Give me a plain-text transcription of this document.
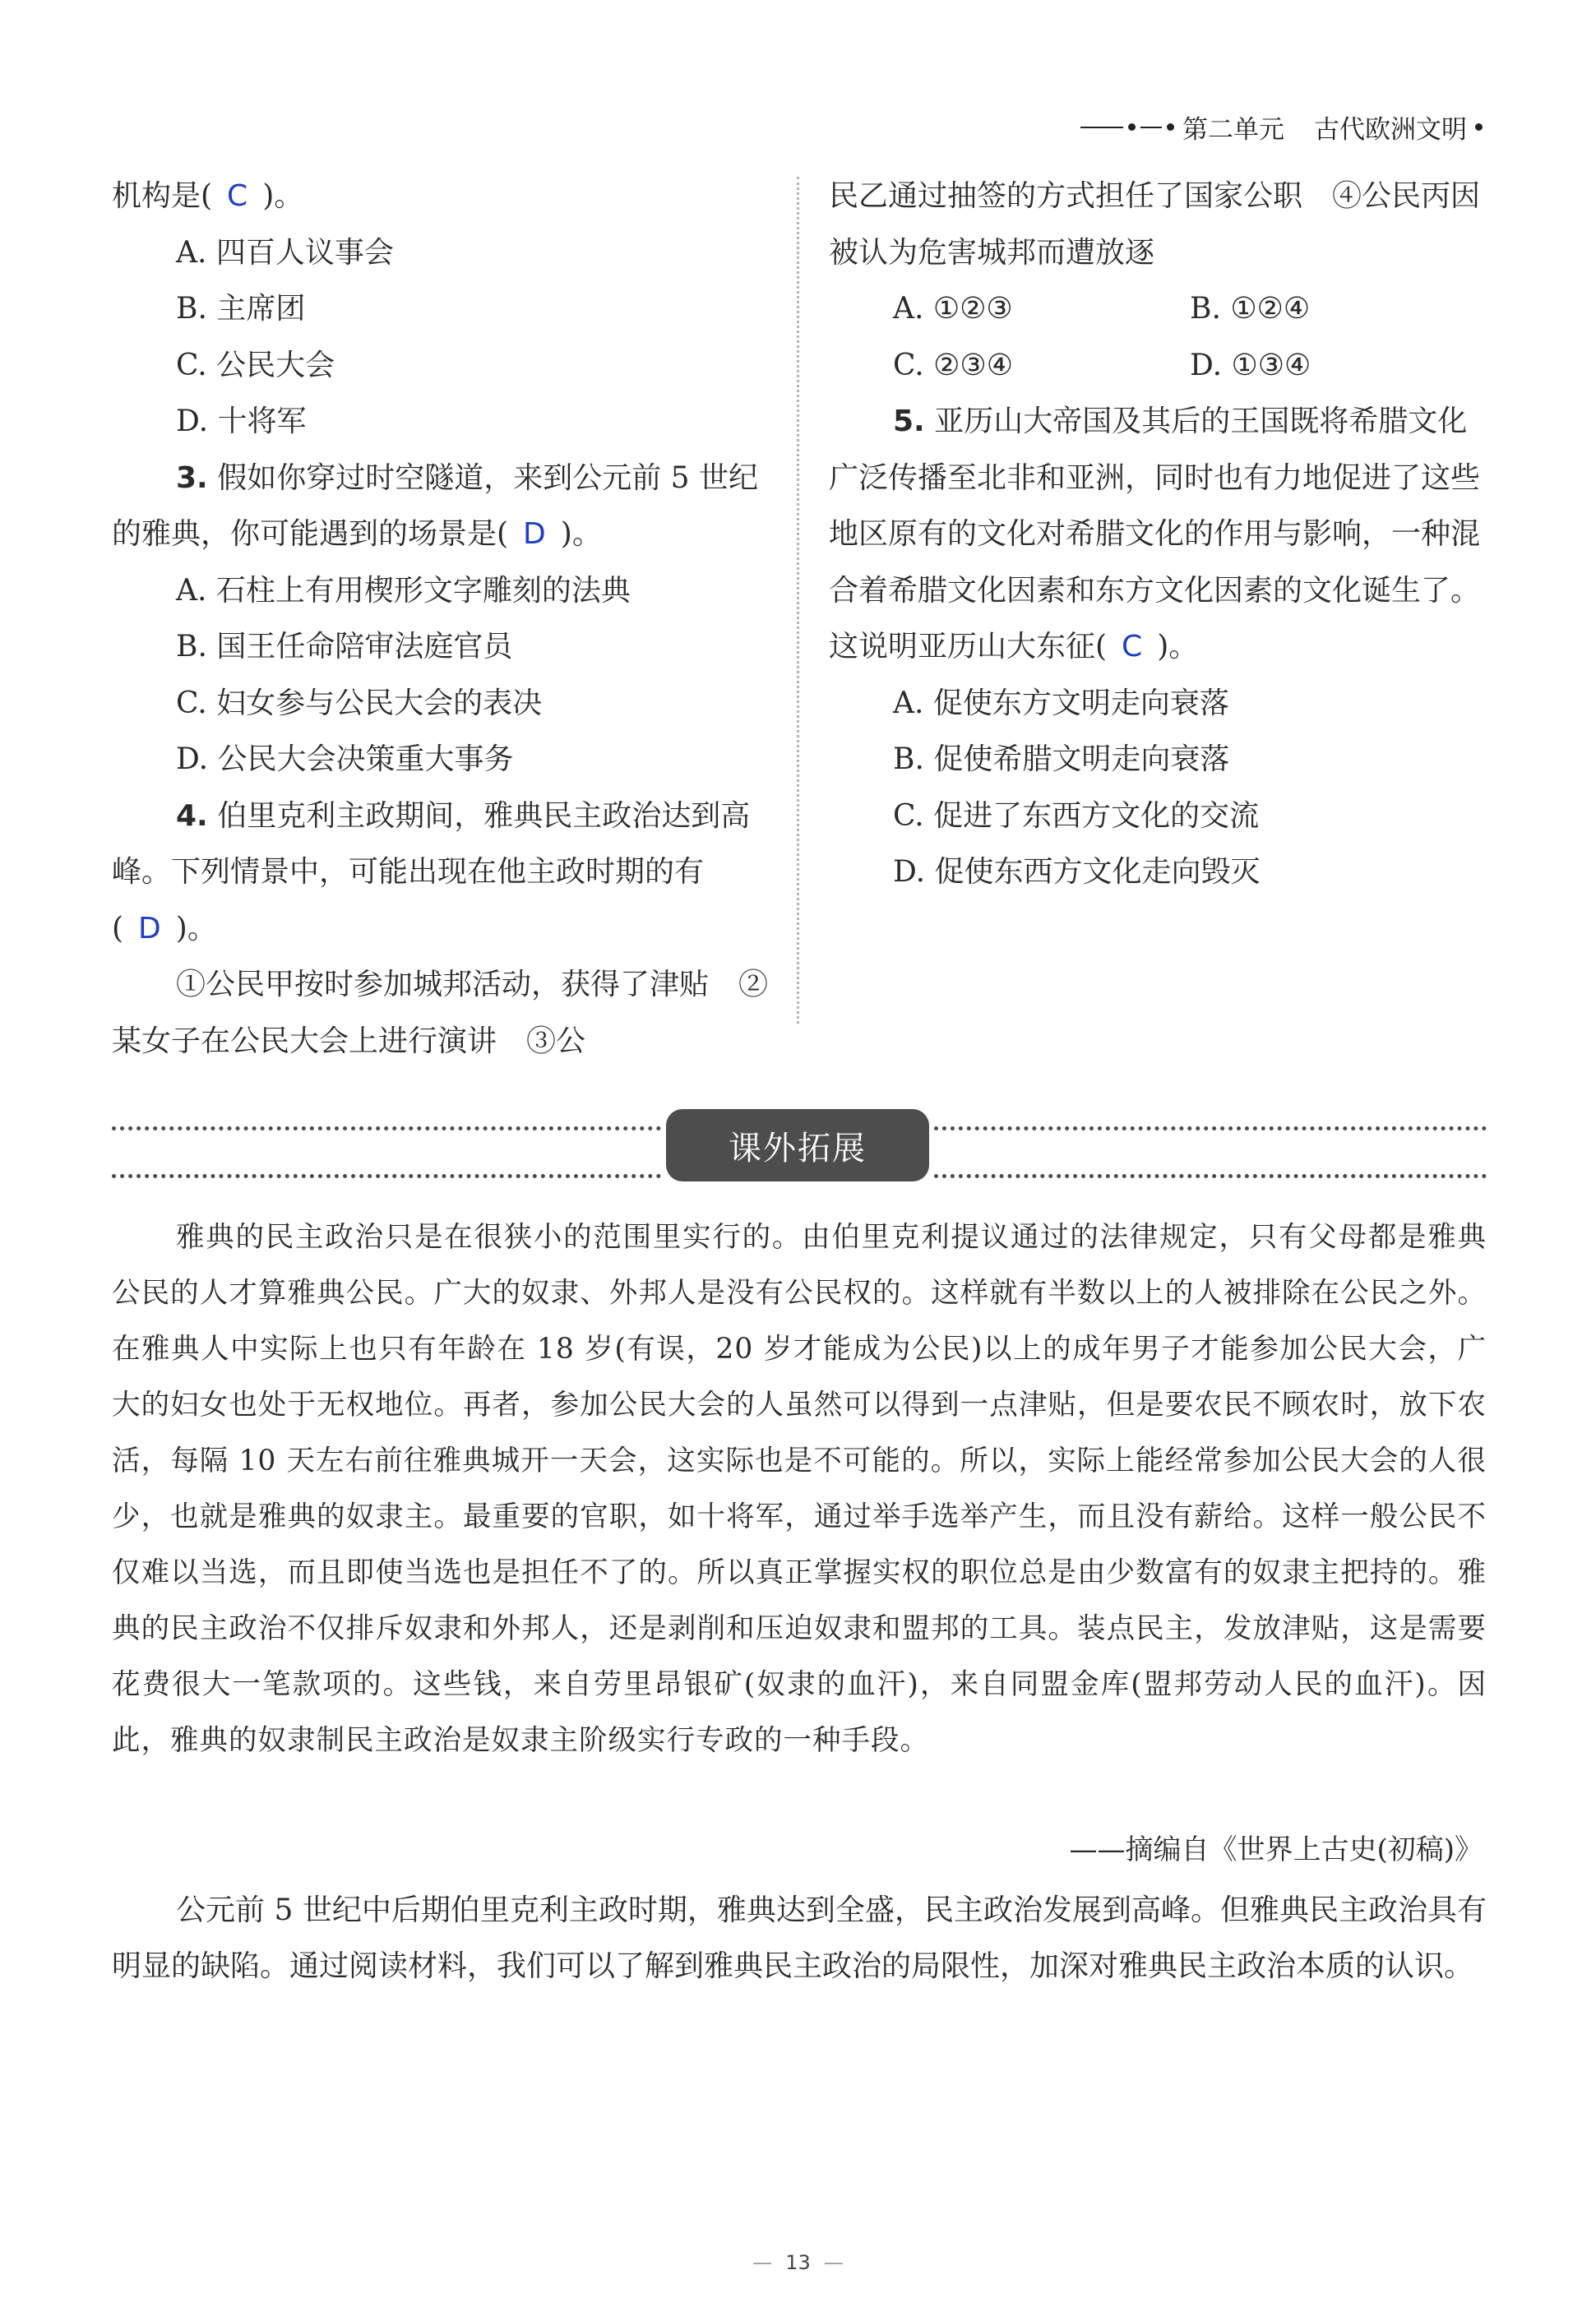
第二单元 古代欧洲文明

机构是( C )。

A. 四百人议事会

B. 主席团

C. 公民大会

D. 十将军

3. 假如你穿过时空隧道，来到公元前 5 世纪的雅典，你可能遇到的场景是( D )。

A. 石柱上有用楔形文字雕刻的法典

B. 国王任命陪审法庭官员

C. 妇女参与公民大会的表决

D. 公民大会决策重大事务

4. 伯里克利主政期间，雅典民主政治达到高峰。下列情景中，可能出现在他主政时期的有( D )。

①公民甲按时参加城邦活动，获得了津贴　②某女子在公民大会上进行演讲　③公

民乙通过抽签的方式担任了国家公职　④公民丙因被认为危害城邦而遭放逐

A. ①②③	B. ①②④
C. ②③④	D. ①③④

5. 亚历山大帝国及其后的王国既将希腊文化广泛传播至北非和亚洲，同时也有力地促进了这些地区原有的文化对希腊文化的作用与影响，一种混合着希腊文化因素和东方文化因素的文化诞生了。这说明亚历山大东征( C )。

A. 促使东方文明走向衰落

B. 促使希腊文明走向衰落

C. 促进了东西方文化的交流

D. 促使东西方文化走向毁灭

课外拓展

雅典的民主政治只是在很狭小的范围里实行的。由伯里克利提议通过的法律规定，只有父母都是雅典公民的人才算雅典公民。广大的奴隶、外邦人是没有公民权的。这样就有半数以上的人被排除在公民之外。在雅典人中实际上也只有年龄在 18 岁(有误，20 岁才能成为公民)以上的成年男子才能参加公民大会，广大的妇女也处于无权地位。再者，参加公民大会的人虽然可以得到一点津贴，但是要农民不顾农时，放下农活，每隔 10 天左右前往雅典城开一天会，这实际也是不可能的。所以，实际上能经常参加公民大会的人很少，也就是雅典的奴隶主。最重要的官职，如十将军，通过举手选举产生，而且没有薪给。这样一般公民不仅难以当选，而且即使当选也是担任不了的。所以真正掌握实权的职位总是由少数富有的奴隶主把持的。雅典的民主政治不仅排斥奴隶和外邦人，还是剥削和压迫奴隶和盟邦的工具。装点民主，发放津贴，这是需要花费很大一笔款项的。这些钱，来自劳里昂银矿(奴隶的血汗)，来自同盟金库(盟邦劳动人民的血汗)。因此，雅典的奴隶制民主政治是奴隶主阶级实行专政的一种手段。

——摘编自《世界上古史(初稿)》

公元前 5 世纪中后期伯里克利主政时期，雅典达到全盛，民主政治发展到高峰。但雅典民主政治具有明显的缺陷。通过阅读材料，我们可以了解到雅典民主政治的局限性，加深对雅典民主政治本质的认识。

— 13 —
